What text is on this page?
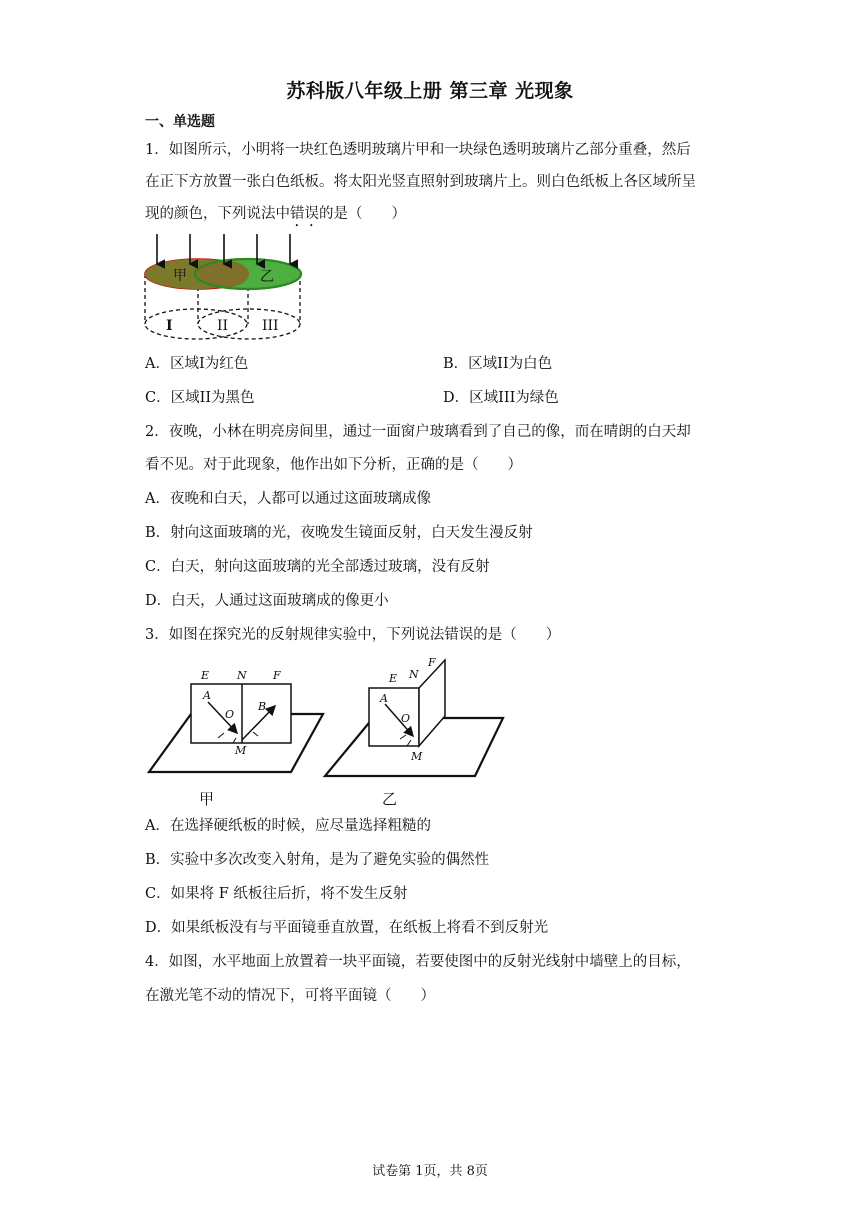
苏科版八年级上册 第三章 光现象
一、单选题
1．如图所示，小明将一块红色透明玻璃片甲和一块绿色透明玻璃片乙部分重叠，然后
在正下方放置一张白色纸板。将太阳光竖直照射到玻璃片上。则白色纸板上各区域所呈
现的颜色，下列说法中错误的是（　　）
甲	乙
I	II III
A．区域I为红色	B．区域II为白色
C．区域II为黑色	D．区域III为绿色
2．夜晚，小林在明亮房间里，通过一面窗户玻璃看到了自己的像，而在晴朗的白天却
看不见。对于此现象，他作出如下分析，正确的是（　　）
A．夜晚和白天，人都可以通过这面玻璃成像
B．射向这面玻璃的光，夜晚发生镜面反射，白天发生漫反射
C．白天，射向这面玻璃的光全部透过玻璃，没有反射
D．白天，人通过这面玻璃成的像更小
3．如图在探究光的反射规律实验中，下列说法错误的是（　　）
E	N F
A
O
B
M
E N
F
A
O
M
甲	乙
A．在选择硬纸板的时候，应尽量选择粗糙的
B．实验中多次改变入射角，是为了避免实验的偶然性
C．如果将 F 纸板往后折，将不发生反射
D．如果纸板没有与平面镜垂直放置，在纸板上将看不到反射光
4．如图，水平地面上放置着一块平面镜，若要使图中的反射光线射中墙壁上的目标，
在激光笔不动的情况下，可将平面镜（　　）
试卷第 1页，共 8页
